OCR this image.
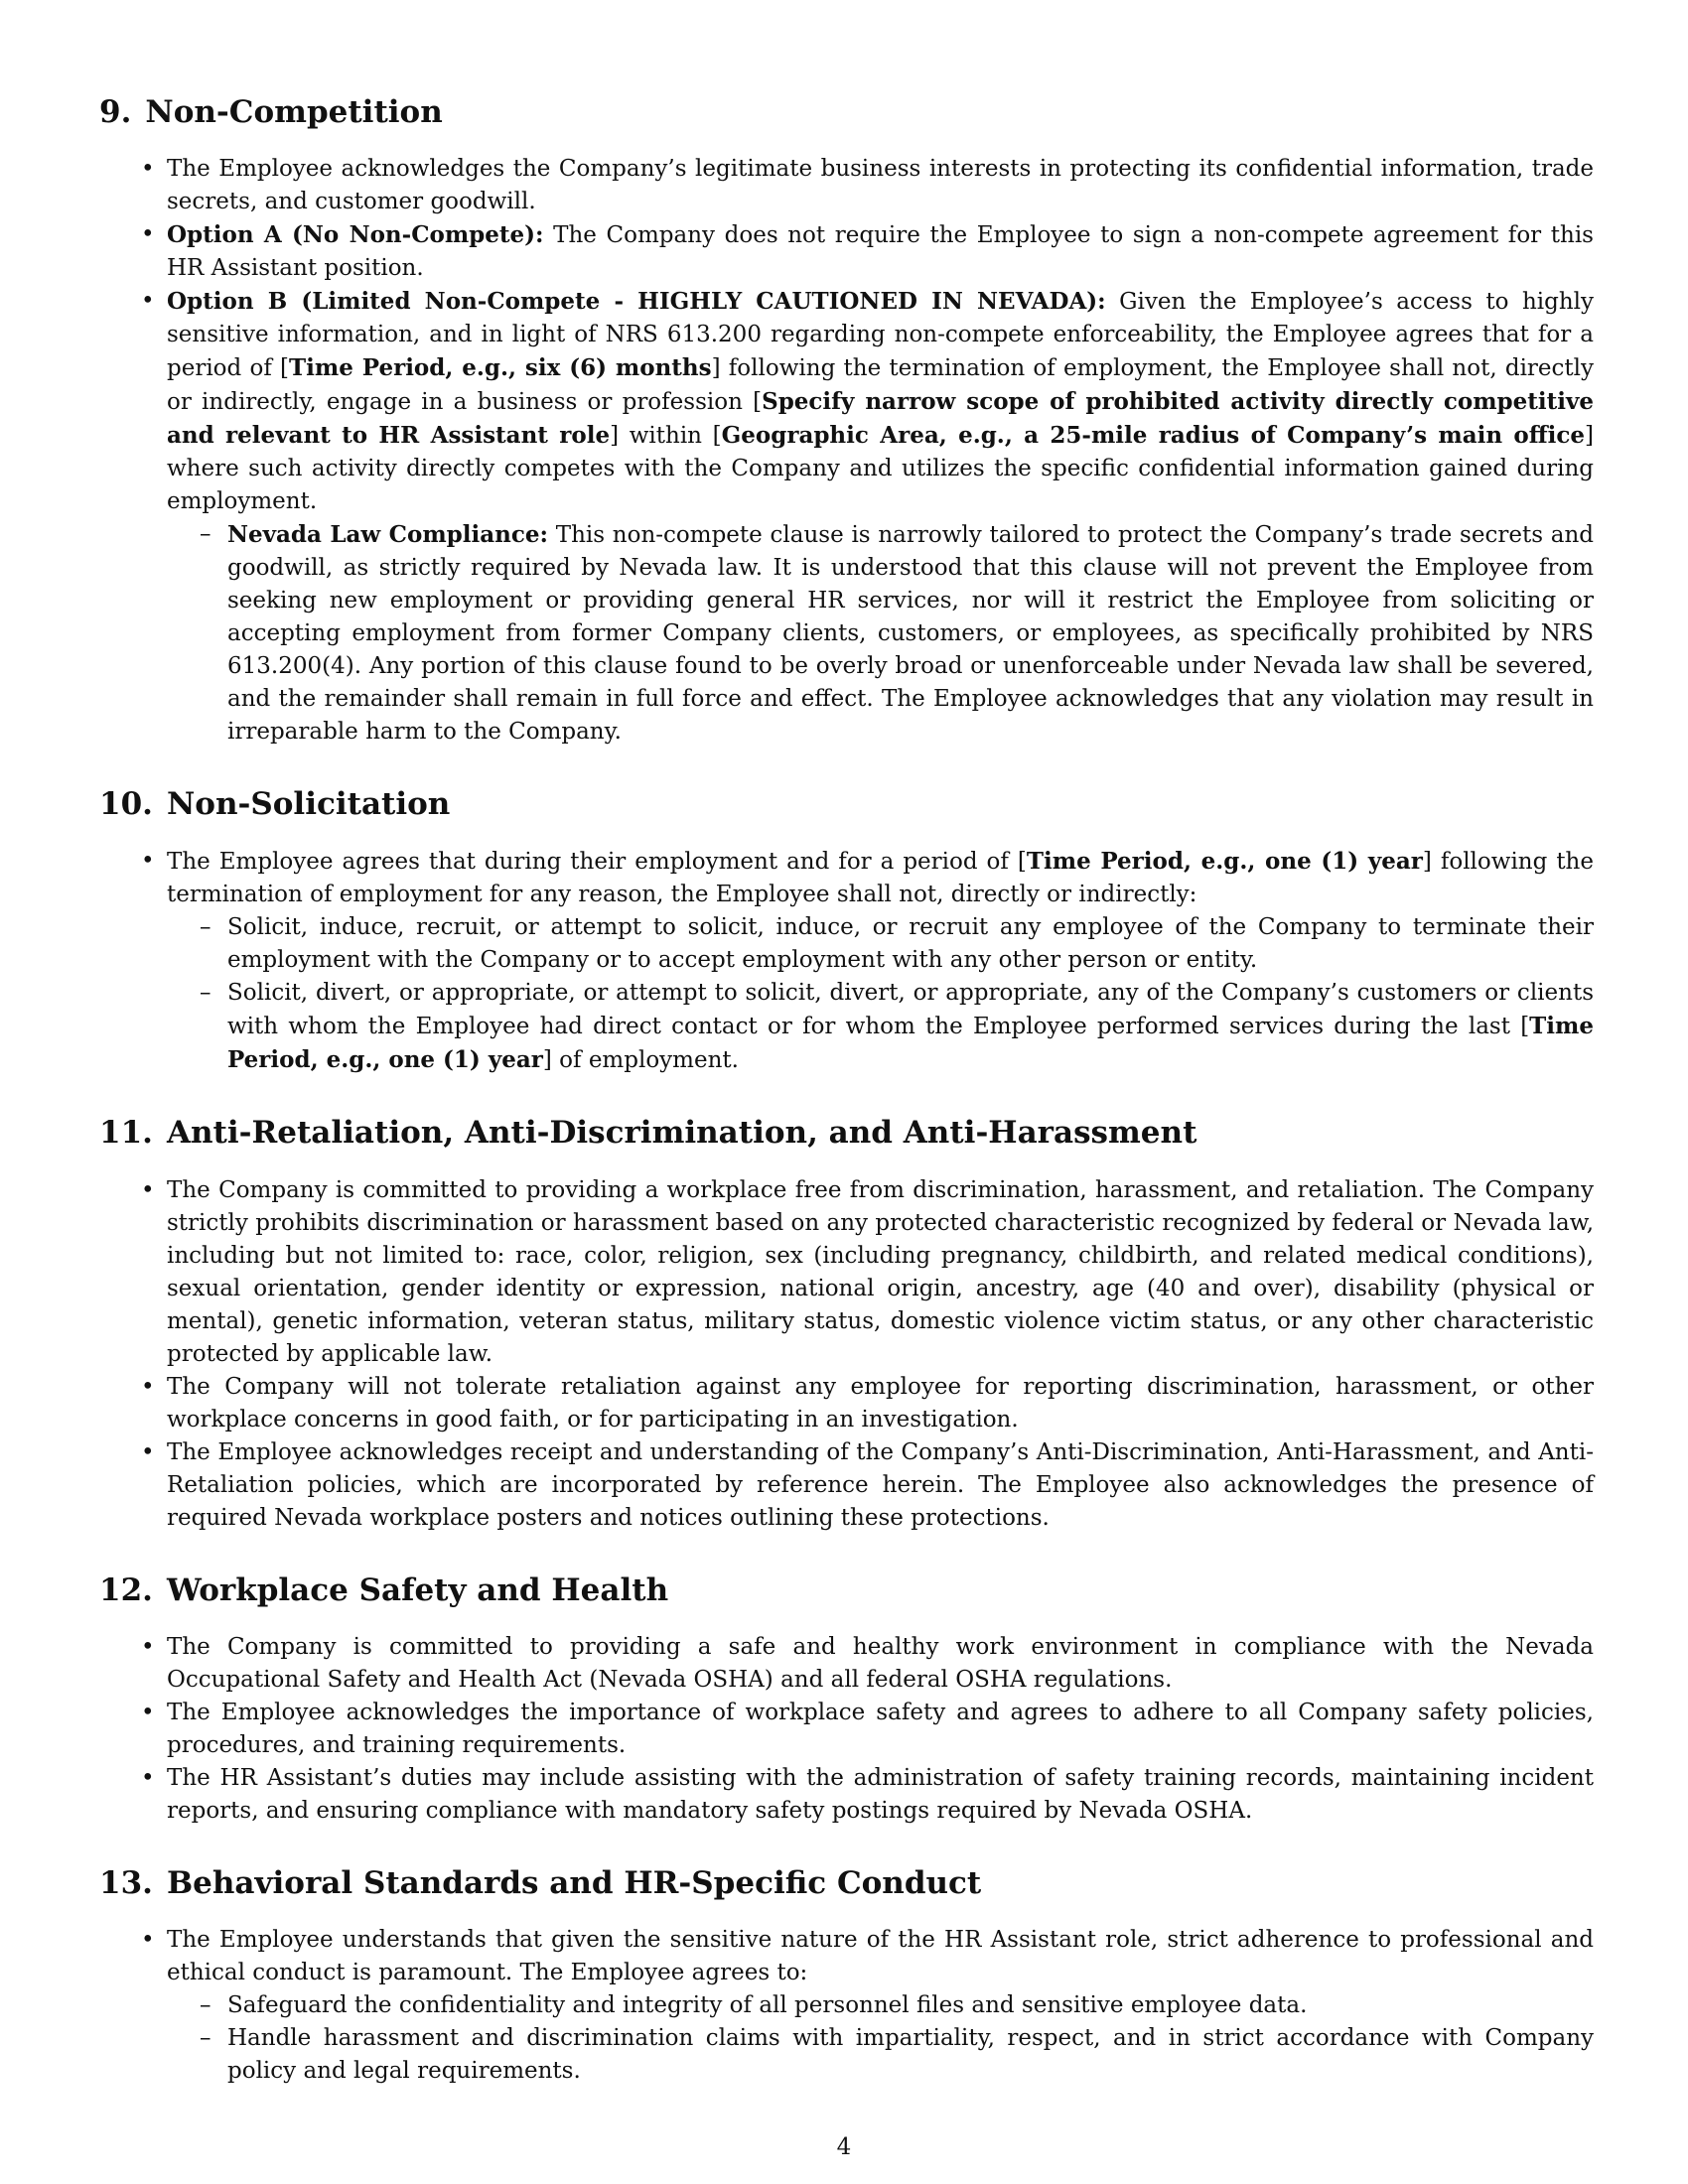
9. Non-Competition
• The Employee acknowledges the Company’s legitimate business interests in protecting its confidential information, trade secrets, and customer goodwill.
• Option A (No Non-Compete): The Company does not require the Employee to sign a non-compete agreement for this HR Assistant position.
• Option B (Limited Non-Compete - HIGHLY CAUTIONED IN NEVADA): Given the Employee’s access to highly sensitive information, and in light of NRS 613.200 regarding non-compete enforceability, the Employee agrees that for a period of [Time Period, e.g., six (6) months] following the termination of employment, the Employee shall not, directly or indirectly, engage in a business or profession [Specify narrow scope of prohibited activity directly competitive and relevant to HR Assistant role] within [Geographic Area, e.g., a 25-mile radius of Company’s main office] where such activity directly competes with the Company and utilizes the specific confidential information gained during employment.
– Nevada Law Compliance: This non-compete clause is narrowly tailored to protect the Company’s trade secrets and goodwill, as strictly required by Nevada law. It is understood that this clause will not prevent the Employee from seeking new employment or providing general HR services, nor will it restrict the Employee from soliciting or accepting employment from former Company clients, customers, or employees, as specifically prohibited by NRS 613.200(4). Any portion of this clause found to be overly broad or unenforceable under Nevada law shall be severed, and the remainder shall remain in full force and effect. The Employee acknowledges that any violation may result in irreparable harm to the Company.
10. Non-Solicitation
• The Employee agrees that during their employment and for a period of [Time Period, e.g., one (1) year] following the termination of employment for any reason, the Employee shall not, directly or indirectly:
– Solicit, induce, recruit, or attempt to solicit, induce, or recruit any employee of the Company to terminate their employment with the Company or to accept employment with any other person or entity.
– Solicit, divert, or appropriate, or attempt to solicit, divert, or appropriate, any of the Company’s customers or clients with whom the Employee had direct contact or for whom the Employee performed services during the last [Time Period, e.g., one (1) year] of employment.
11. Anti-Retaliation, Anti-Discrimination, and Anti-Harassment
• The Company is committed to providing a workplace free from discrimination, harassment, and retaliation. The Company strictly prohibits discrimination or harassment based on any protected characteristic recognized by federal or Nevada law, including but not limited to: race, color, religion, sex (including pregnancy, childbirth, and related medical conditions), sexual orientation, gender identity or expression, national origin, ancestry, age (40 and over), disability (physical or mental), genetic information, veteran status, military status, domestic violence victim status, or any other characteristic protected by applicable law.
• The Company will not tolerate retaliation against any employee for reporting discrimination, harassment, or other workplace concerns in good faith, or for participating in an investigation.
• The Employee acknowledges receipt and understanding of the Company’s Anti-Discrimination, Anti-Harassment, and Anti-Retaliation policies, which are incorporated by reference herein. The Employee also acknowledges the presence of required Nevada workplace posters and notices outlining these protections.
12. Workplace Safety and Health
• The Company is committed to providing a safe and healthy work environment in compliance with the Nevada Occupational Safety and Health Act (Nevada OSHA) and all federal OSHA regulations.
• The Employee acknowledges the importance of workplace safety and agrees to adhere to all Company safety policies, procedures, and training requirements.
• The HR Assistant’s duties may include assisting with the administration of safety training records, maintaining incident reports, and ensuring compliance with mandatory safety postings required by Nevada OSHA.
13. Behavioral Standards and HR-Specific Conduct
• The Employee understands that given the sensitive nature of the HR Assistant role, strict adherence to professional and ethical conduct is paramount. The Employee agrees to:
– Safeguard the confidentiality and integrity of all personnel files and sensitive employee data.
– Handle harassment and discrimination claims with impartiality, respect, and in strict accordance with Company policy and legal requirements.
4
